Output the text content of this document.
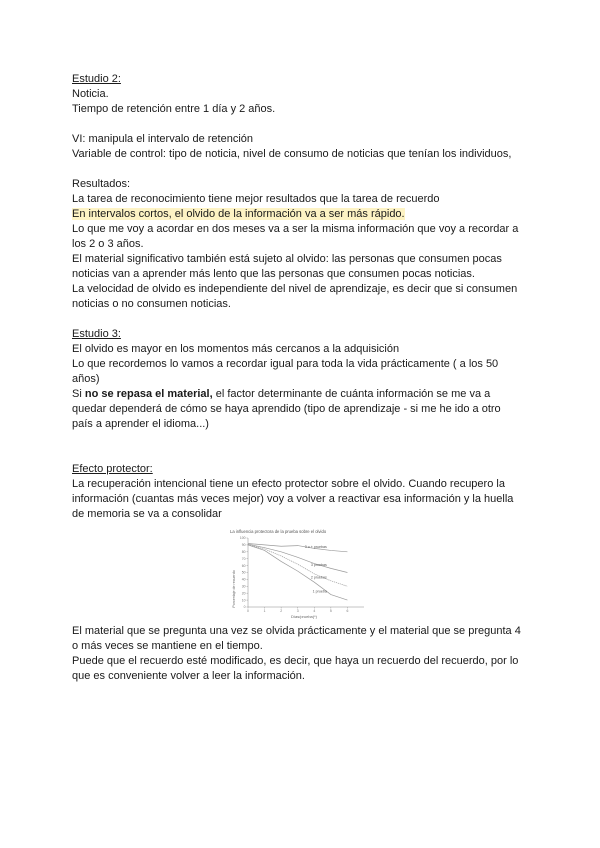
Estudio 2:
Noticia.
Tiempo de retención entre 1 día y 2 años.
VI: manipula el intervalo de retención
Variable de control: tipo de noticia, nivel de consumo de noticias que tenían los individuos,
Resultados:
La tarea de reconocimiento tiene mejor resultados que la tarea de recuerdo
En intervalos cortos, el olvido de la información va a ser más rápido.
Lo que me voy a acordar en dos meses va a ser la misma información que voy a recordar a
los 2 o 3 años.
El material significativo también está sujeto al olvido: las personas que consumen pocas
noticias van a aprender más lento que las personas que consumen pocas noticias.
La velocidad de olvido es independiente del nivel de aprendizaje, es decir que si consumen
noticias o no consumen noticias.
Estudio 3:
El olvido es mayor en los momentos más cercanos a la adquisición
Lo que recordemos lo vamos a recordar igual para toda la vida prácticamente ( a los 50
años)
Si no se repasa el material, el factor determinante de cuánta información se me va a
quedar dependerá de cómo se haya aprendido (tipo de aprendizaje - si me he ido a otro
país a aprender el idioma...)
Efecto protector:
La recuperación intencional tiene un efecto protector sobre el olvido. Cuando recupero la
información (cuantas más veces mejor) voy a volver a reactivar esa información y la huella
de memoria se va a consolidar
La influencia protectora de la prueba sobre el olvido
Porcentaje de recuerdo
Días/prueba(*)
0
10
20
30
40
50
60
70
80
90
100
0	1	2	3	4	5	6
3 o + pruebas
3 pruebas
2 pruebas
1 prueba
El material que se pregunta una vez se olvida prácticamente y el material que se pregunta 4
o más veces se mantiene en el tiempo.
Puede que el recuerdo esté modificado, es decir, que haya un recuerdo del recuerdo, por lo
que es conveniente volver a leer la información.
